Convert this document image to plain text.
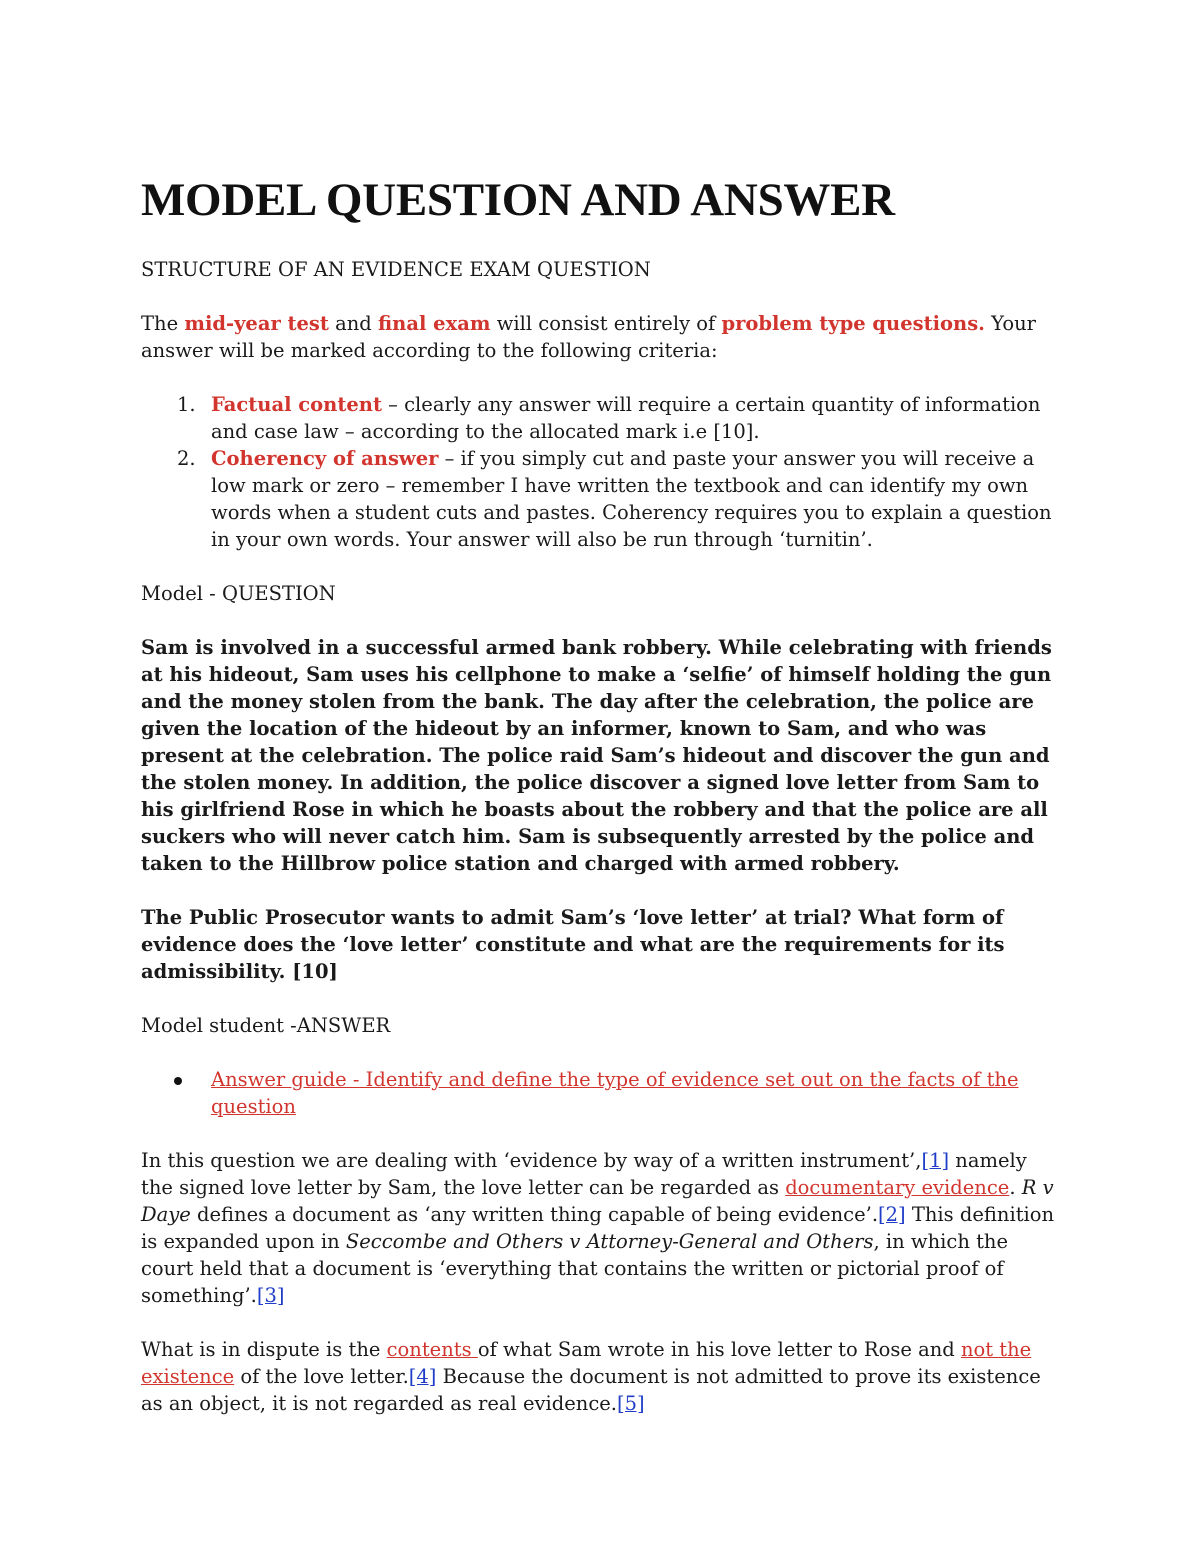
MODEL QUESTION AND ANSWER

STRUCTURE OF AN EVIDENCE EXAM QUESTION

The mid-year test and final exam will consist entirely of problem type questions. Your answer will be marked according to the following criteria:

1. Factual content – clearly any answer will require a certain quantity of information and case law – according to the allocated mark i.e [10].
2. Coherency of answer – if you simply cut and paste your answer you will receive a low mark or zero – remember I have written the textbook and can identify my own words when a student cuts and pastes. Coherency requires you to explain a question in your own words. Your answer will also be run through ‘turnitin’.

Model - QUESTION

Sam is involved in a successful armed bank robbery. While celebrating with friends at his hideout, Sam uses his cellphone to make a ‘selfie’ of himself holding the gun and the money stolen from the bank. The day after the celebration, the police are given the location of the hideout by an informer, known to Sam, and who was present at the celebration. The police raid Sam’s hideout and discover the gun and the stolen money. In addition, the police discover a signed love letter from Sam to his girlfriend Rose in which he boasts about the robbery and that the police are all suckers who will never catch him. Sam is subsequently arrested by the police and taken to the Hillbrow police station and charged with armed robbery.

The Public Prosecutor wants to admit Sam’s ‘love letter’ at trial? What form of evidence does the ‘love letter’ constitute and what are the requirements for its admissibility. [10]

Model student -ANSWER

Answer guide - Identify and define the type of evidence set out on the facts of the question

In this question we are dealing with ‘evidence by way of a written instrument’,[1] namely the signed love letter by Sam, the love letter can be regarded as documentary evidence. R v Daye defines a document as ‘any written thing capable of being evidence’.[2] This definition is expanded upon in Seccombe and Others v Attorney-General and Others, in which the court held that a document is ‘everything that contains the written or pictorial proof of something’.[3]

What is in dispute is the contents of what Sam wrote in his love letter to Rose and not the existence of the love letter.[4] Because the document is not admitted to prove its existence as an object, it is not regarded as real evidence.[5]
